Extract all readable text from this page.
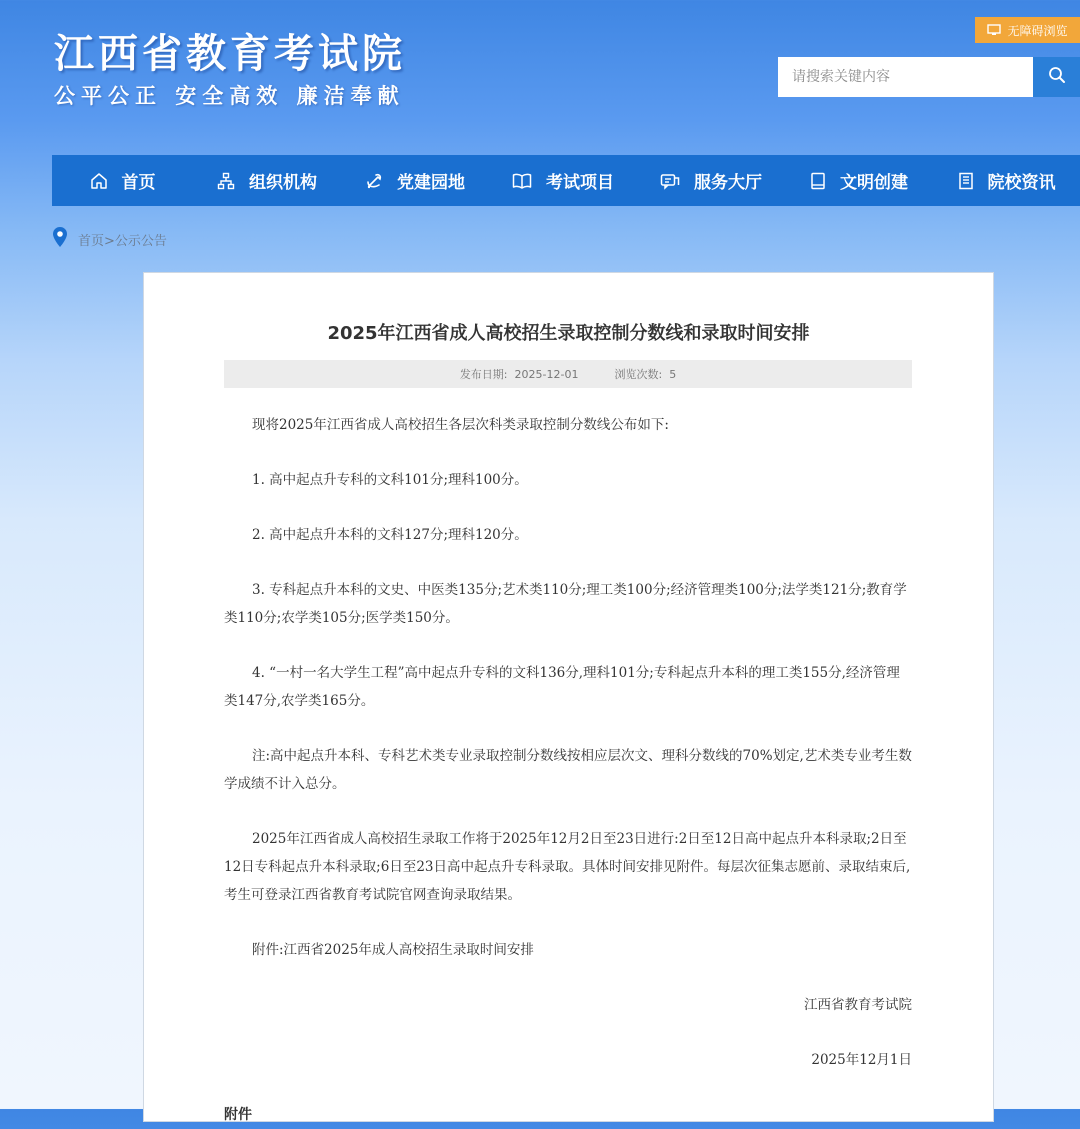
江西省教育考试院
公平公正 安全高效 廉洁奉献
无障碍浏览
请搜索关键内容
首页	组织机构	党建园地	考试项目	服务大厅	文明创建	院校资讯
首页>公示公告
2025年江西省成人高校招生录取控制分数线和录取时间安排
发布日期: 2025-12-01	浏览次数: 5

现将2025年江西省成人高校招生各层次科类录取控制分数线公布如下:

1. 高中起点升专科的文科101分;理科100分。

2. 高中起点升本科的文科127分;理科120分。

3. 专科起点升本科的文史、中医类135分;艺术类110分;理工类100分;经济管理类100分;法学类121分;教育学类110分;农学类105分;医学类150分。

4. “一村一名大学生工程”高中起点升专科的文科136分,理科101分;专科起点升本科的理工类155分,经济管理类147分,农学类165分。

注:高中起点升本科、专科艺术类专业录取控制分数线按相应层次文、理科分数线的70%划定,艺术类专业考生数学成绩不计入总分。

2025年江西省成人高校招生录取工作将于2025年12月2日至23日进行:2日至12日高中起点升本科录取;2日至12日专科起点升本科录取;6日至23日高中起点升专科录取。具体时间安排见附件。每层次征集志愿前、录取结束后,考生可登录江西省教育考试院官网查询录取结果。

附件:江西省2025年成人高校招生录取时间安排

江西省教育考试院

2025年12月1日

附件
